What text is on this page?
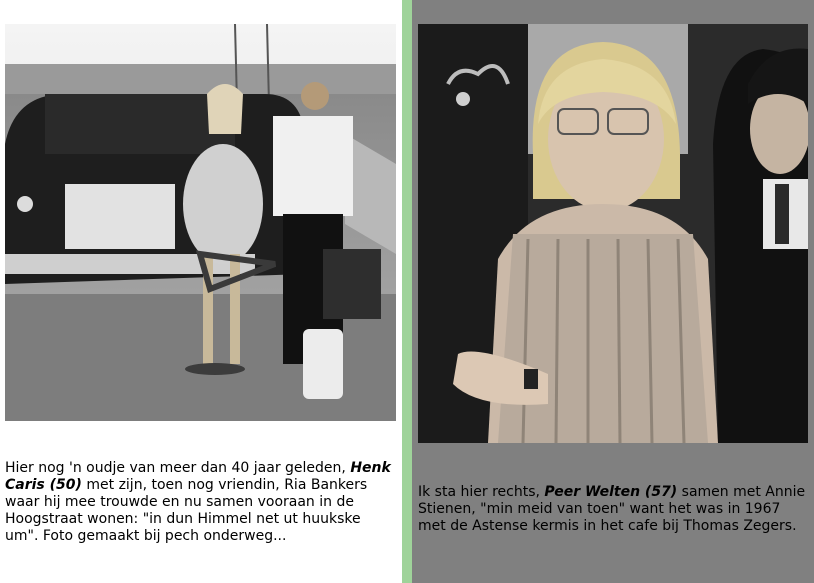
Hier nog 'n oudje van meer dan 40 jaar geleden, Henk Caris (50) met zijn, toen nog vriendin, Ria Bankers waar hij mee trouwde en nu samen vooraan in de Hoogstraat wonen: "in dun Himmel net ut huukske um". Foto gemaakt bij pech onderweg...
Ik sta hier rechts, Peer Welten (57) samen met Annie Stienen, "min meid van toen" want het was in 1967 met de Astense kermis in het cafe bij Thomas Zegers.
